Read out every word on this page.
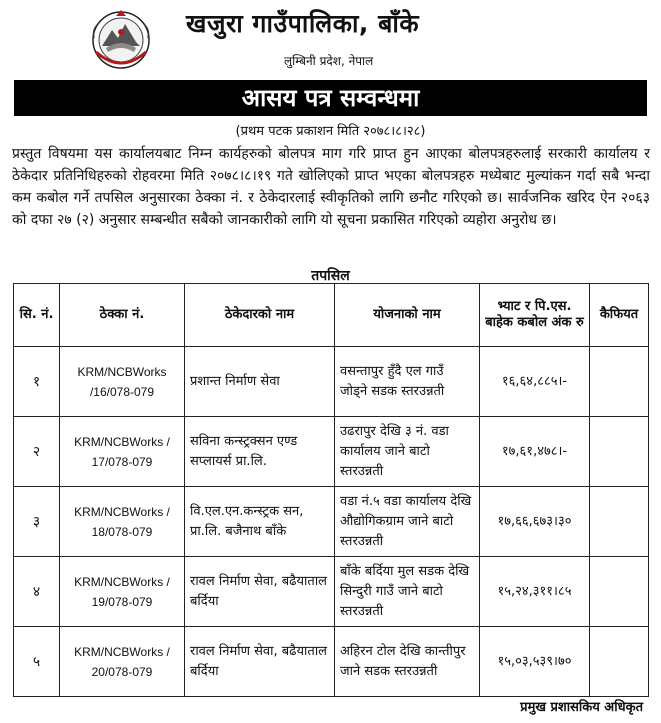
खजुरा गाउँपालिका, बाँके
लुम्बिनी प्रदेश, नेपाल
आसय पत्र सम्वन्धमा
(प्रथम पटक प्रकाशन मिति २०७८।८।२८)
प्रस्तुत विषयमा यस कार्यालयबाट निम्न कार्यहरुको बोलपत्र माग गरि प्राप्त हुन आएका बोलपत्रहरुलाई सरकारी कार्यालय र ठेकेदार प्रतिनिधिहरुको रोहवरमा मिति २०७८।८।१९ गते खोलिएको प्राप्त भएका बोलपत्रहरु मध्येबाट मुल्यांकन गर्दा सबै भन्दा कम कबोल गर्ने तपसिल अनुसारका ठेक्का नं. र ठेकेदारलाई स्वीकृतिको लागि छनौट गरिएको छ। सार्वजनिक खरिद ऐन २०६३ को दफा २७ (२) अनुसार सम्बन्धीत सबैको जानकारीको लागि यो सूचना प्रकासित गरिएको व्यहोरा अनुरोध छ।
तपसिल
सि. नं.	ठेक्का नं.	ठेकेदारको नाम	योजनाको नाम	भ्याट र पि.एस. बाहेक कबोल अंक रु	कैफियत
१	KRM/NCBWorks /16/078-079	प्रशान्त निर्माण सेवा	वसन्तापुर हुँदै एल गाउँ जोड्ने सडक स्तरउन्नती	१६,६४,८८५।-	
२	KRM/NCBWorks / 17/078-079	सविना कन्स्ट्रक्सन एण्ड सप्लायर्स प्रा.लि.	उढरापुर देखि ३ नं. वडा कार्यालय जाने बाटो स्तरउन्नती	१७,६१,४७८।-	
३	KRM/NCBWorks / 18/078-079	वि.एल.एन.कन्स्ट्रक सन, प्रा.लि. बजैनाथ बाँके	वडा नं.५ वडा कार्यालय देखि औद्योगिकग्राम जाने बाटो स्तरउन्नती	१७,६६,६७३।३०	
४	KRM/NCBWorks / 19/078-079	रावल निर्माण सेवा, बढैयाताल बर्दिया	बाँके बर्दिया मुल सडक देखि सिन्दुरी गाउँ जाने बाटो स्तरउन्नती	१५,२४,३११।८५	
५	KRM/NCBWorks / 20/078-079	रावल निर्माण सेवा, बढैयाताल बर्दिया	अहिरन टोल देखि कान्तीपुर जाने सडक स्तरउन्नती	१५,०३,५३९।७०	
प्रमुख प्रशासकिय अधिकृत
